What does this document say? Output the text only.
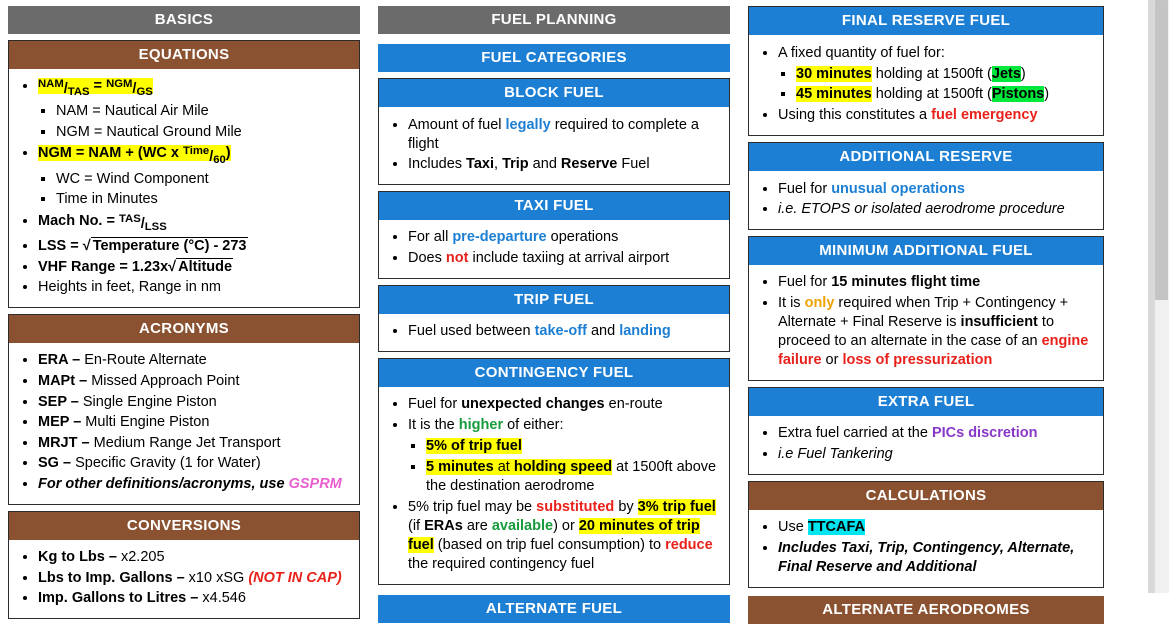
BASICS
EQUATIONS
• NAM/TAS = NGM/GS
▪ NAM = Nautical Air Mile
▪ NGM = Nautical Ground Mile
• NGM = NAM + (WC x Time/60)
▪ WC = Wind Component
▪ Time in Minutes
• Mach No. = TAS/LSS
• LSS = √ Temperature (°C) - 273
• VHF Range = 1.23x√ Altitude
• Heights in feet, Range in nm
ACRONYMS
• ERA – En-Route Alternate
• MAPt – Missed Approach Point
• SEP – Single Engine Piston
• MEP – Multi Engine Piston
• MRJT – Medium Range Jet Transport
• SG – Specific Gravity (1 for Water)
• For other definitions/acronyms, use GSPRM
CONVERSIONS
• Kg to Lbs – x2.205
• Lbs to Imp. Gallons – x10 xSG (NOT IN CAP)
• Imp. Gallons to Litres – x4.546
FUEL PLANNING
FUEL CATEGORIES
BLOCK FUEL
• Amount of fuel legally required to complete a flight
• Includes Taxi, Trip and Reserve Fuel
TAXI FUEL
• For all pre-departure operations
• Does not include taxiing at arrival airport
TRIP FUEL
• Fuel used between take-off and landing
CONTINGENCY FUEL
• Fuel for unexpected changes en-route
• It is the higher of either:
▪ 5% of trip fuel
▪ 5 minutes at holding speed at 1500ft above the destination aerodrome
• 5% trip fuel may be substituted by 3% trip fuel (if ERAs are available) or 20 minutes of trip fuel (based on trip fuel consumption) to reduce the required contingency fuel
ALTERNATE FUEL
FINAL RESERVE FUEL
• A fixed quantity of fuel for:
▪ 30 minutes holding at 1500ft (Jets)
▪ 45 minutes holding at 1500ft (Pistons)
• Using this constitutes a fuel emergency
ADDITIONAL RESERVE
• Fuel for unusual operations
• i.e. ETOPS or isolated aerodrome procedure
MINIMUM ADDITIONAL FUEL
• Fuel for 15 minutes flight time
• It is only required when Trip + Contingency + Alternate + Final Reserve is insufficient to proceed to an alternate in the case of an engine failure or loss of pressurization
EXTRA FUEL
• Extra fuel carried at the PICs discretion
• i.e Fuel Tankering
CALCULATIONS
• Use TTCAFA
• Includes Taxi, Trip, Contingency, Alternate, Final Reserve and Additional
ALTERNATE AERODROMES
